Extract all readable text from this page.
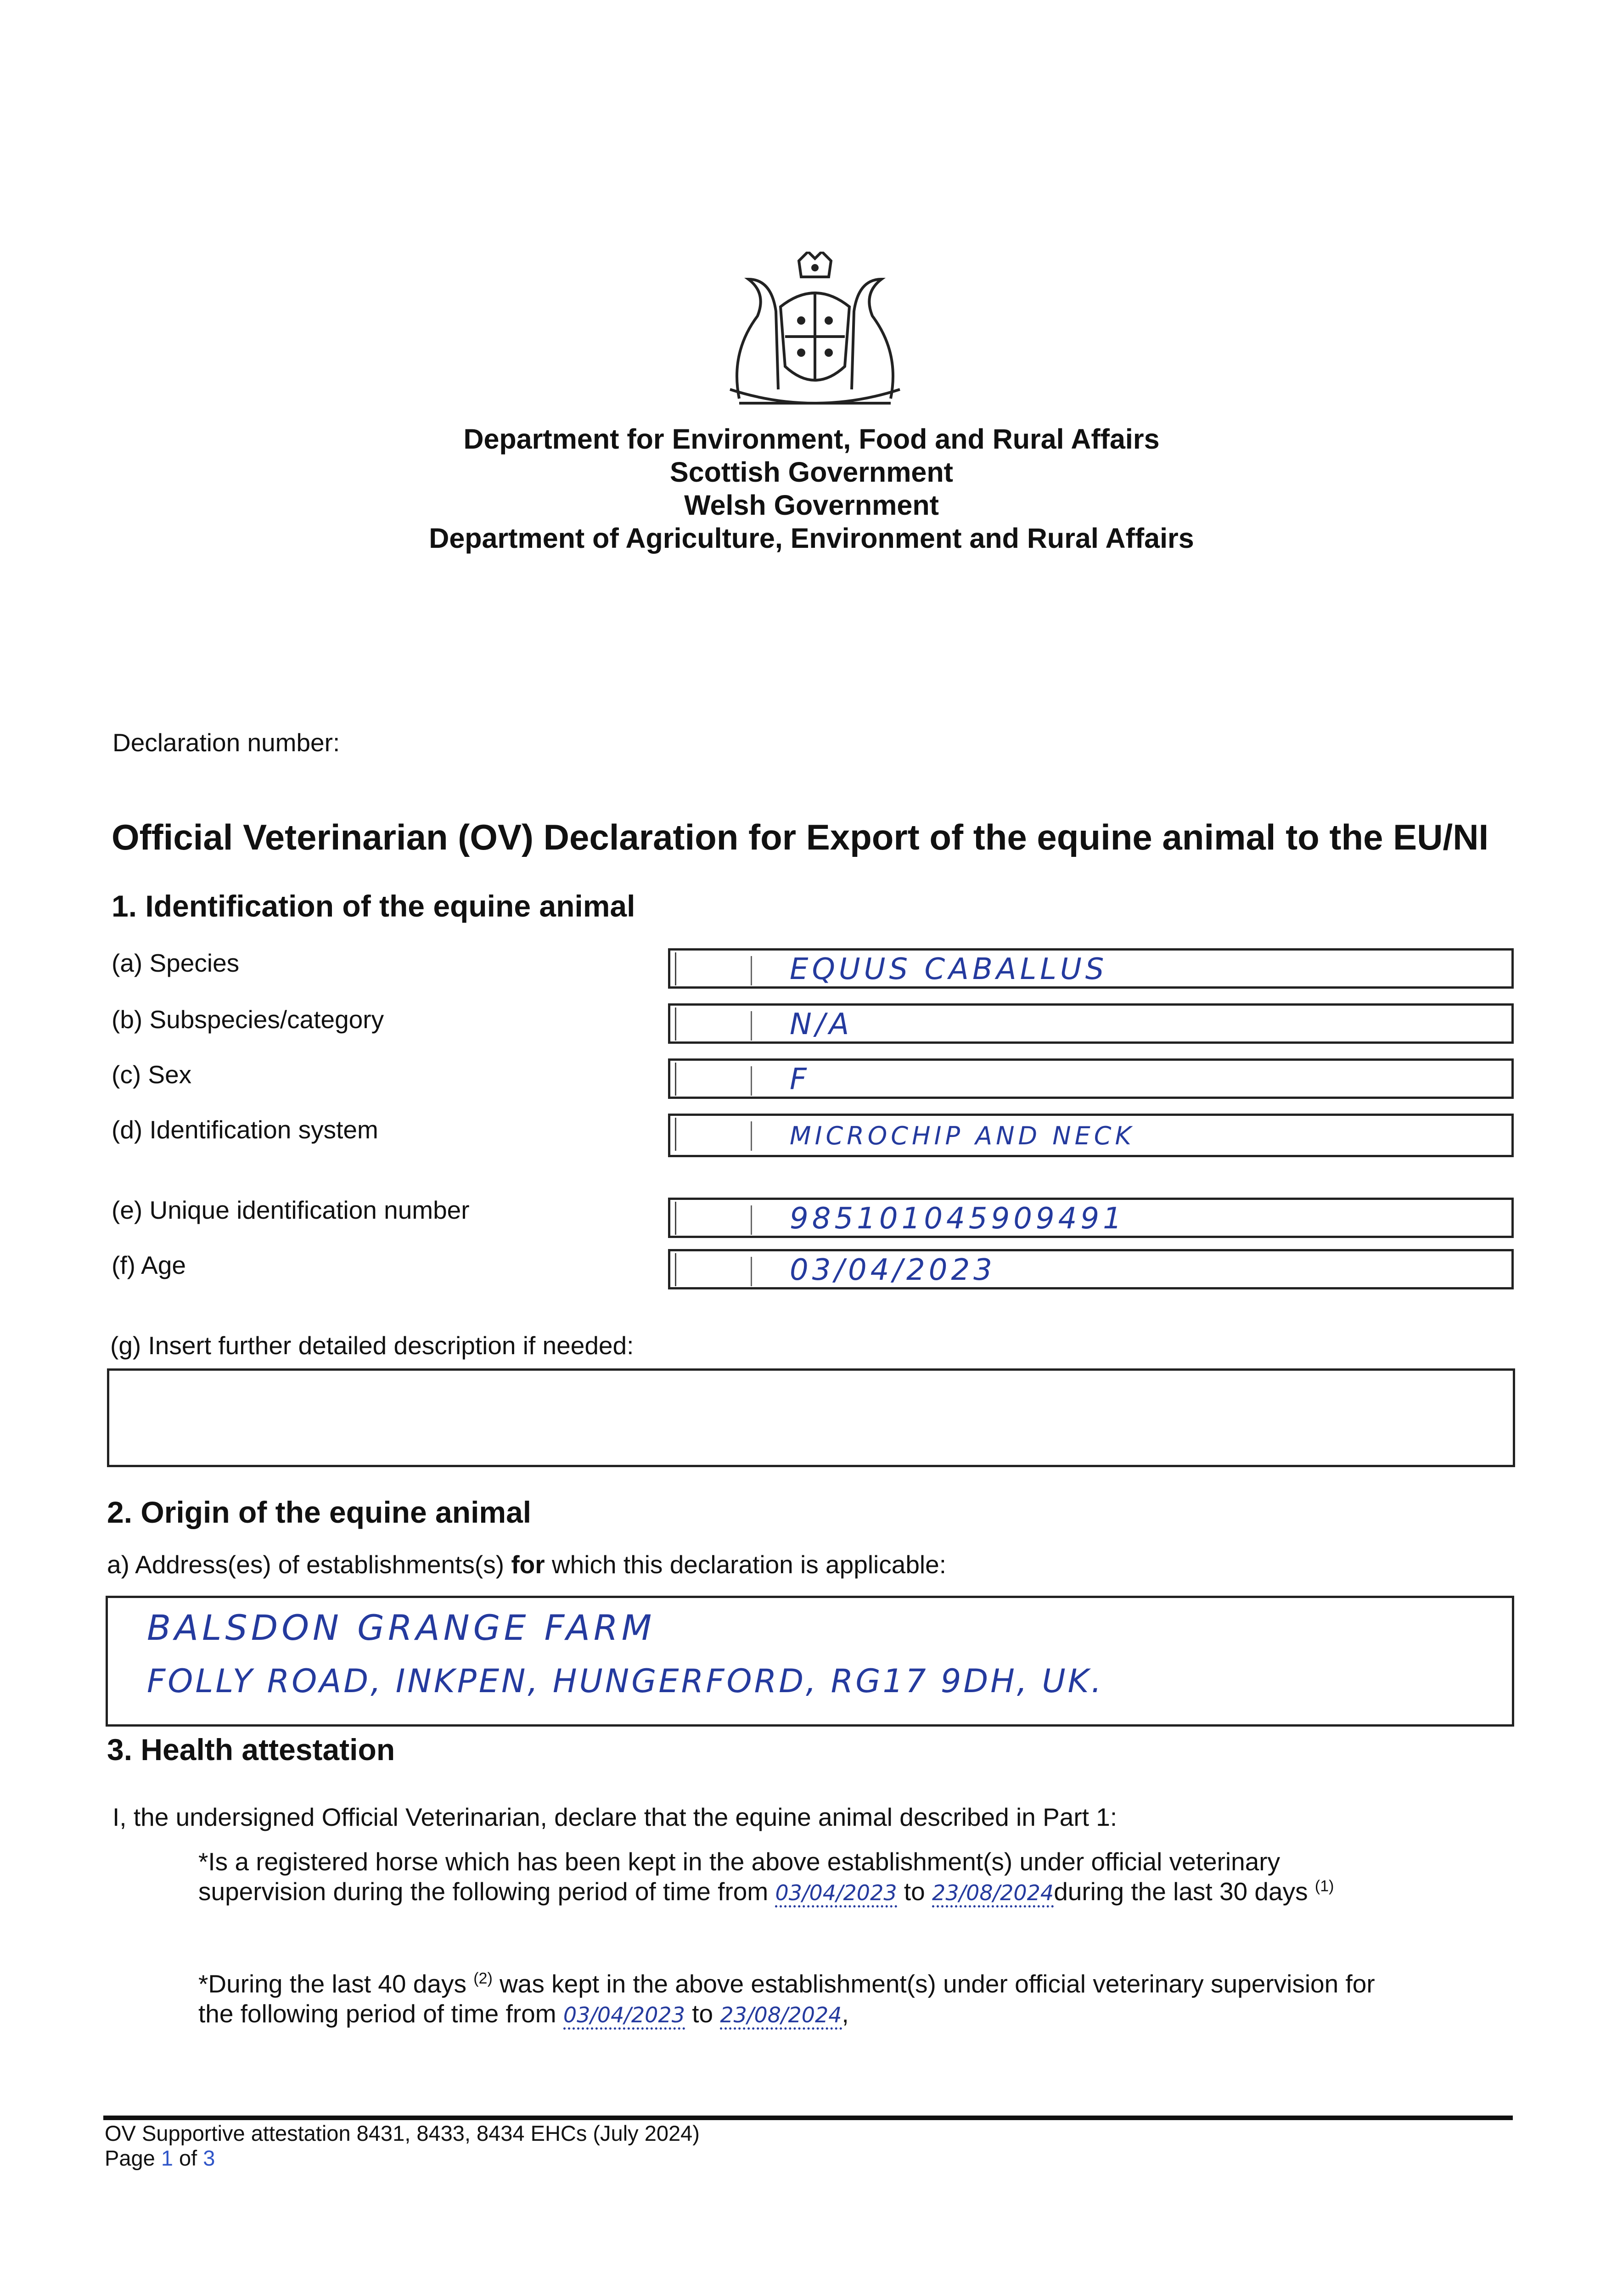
Department for Environment, Food and Rural Affairs
Scottish Government
Welsh Government
Department of Agriculture, Environment and Rural Affairs
Declaration number:
Official Veterinarian (OV) Declaration for Export of the equine animal to the EU/NI
1. Identification of the equine animal
(a) Species	EQUUS CABALLUS
(b) Subspecies/category	N/A
(c) Sex	F
(d) Identification system	MICROCHIP AND NECK
(e) Unique identification number	985101045909491
(f) Age	03/04/2023
(g) Insert further detailed description if needed:
2. Origin of the equine animal
a) Address(es) of establishments(s) for which this declaration is applicable:
BALSDON GRANGE FARM
FOLLY ROAD, INKPEN, HUNGERFORD, RG17 9DH, UK.
3. Health attestation
I, the undersigned Official Veterinarian, declare that the equine animal described in Part 1:
*Is a registered horse which has been kept in the above establishment(s) under official veterinary
supervision during the following period of time from 03/04/2023 to 23/08/2024during the last 30 days $^{(1)}$
*During the last 40 days $^{(2)}$ was kept in the above establishment(s) under official veterinary supervision for
the following period of time from 03/04/2023 to 23/08/2024,
OV Supportive attestation 8431, 8433, 8434 EHCs (July 2024)
Page 1 of 3
